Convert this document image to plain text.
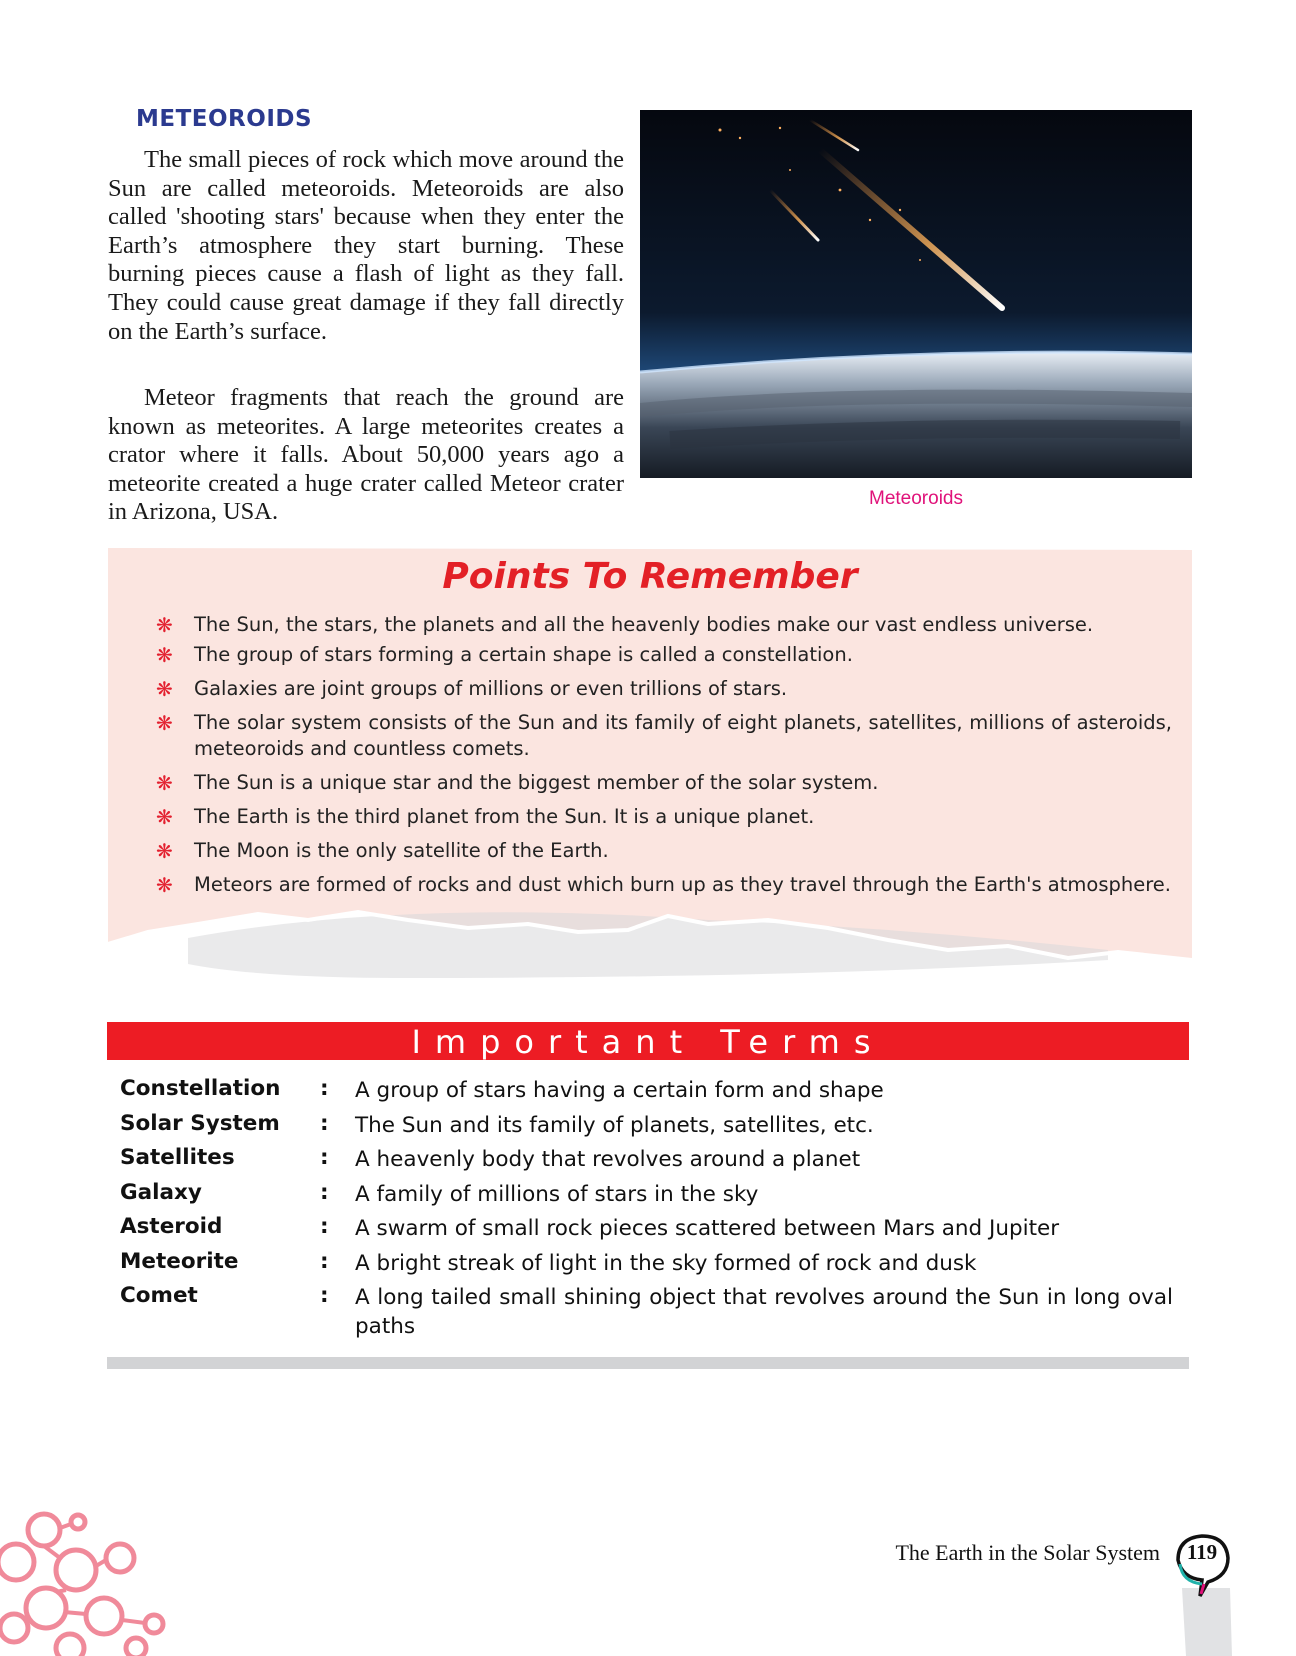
METEOROIDS

The small pieces of rock which move around the Sun are called meteoroids. Meteoroids are also called 'shooting stars' because when they enter the Earth’s atmosphere they start burning. These burning pieces cause a flash of light as they fall. They could cause great damage if they fall directly on the Earth’s surface.

Meteor fragments that reach the ground are known as meteorites. A large meteorites creates a crator where it falls. About 50,000 years ago a meteorite created a huge crater called Meteor crater in Arizona, USA.	Meteoroids
Points To Remember
❋ The Sun, the stars, the planets and all the heavenly bodies make our vast endless universe.
❋ The group of stars forming a certain shape is called a constellation.
❋ Galaxies are joint groups of millions or even trillions of stars.
❋ The solar system consists of the Sun and its family of eight planets, satellites, millions of asteroids, meteoroids and countless comets.
❋ The Sun is a unique star and the biggest member of the solar system.
❋ The Earth is the third planet from the Sun. It is a unique planet.
❋ The Moon is the only satellite of the Earth.
❋ Meteors are formed of rocks and dust which burn up as they travel through the Earth's atmosphere.
Important Terms
Constellation : A group of stars having a certain form and shape
Solar System : The Sun and its family of planets, satellites, etc.
Satellites	: A heavenly body that revolves around a planet
Galaxy	: A family of millions of stars in the sky
Asteroid	: A swarm of small rock pieces scattered between Mars and Jupiter
Meteorite	: A bright streak of light in the sky formed of rock and dusk
Comet	: A long tailed small shining object that revolves around the Sun in long oval paths
The Earth in the Solar System	119
